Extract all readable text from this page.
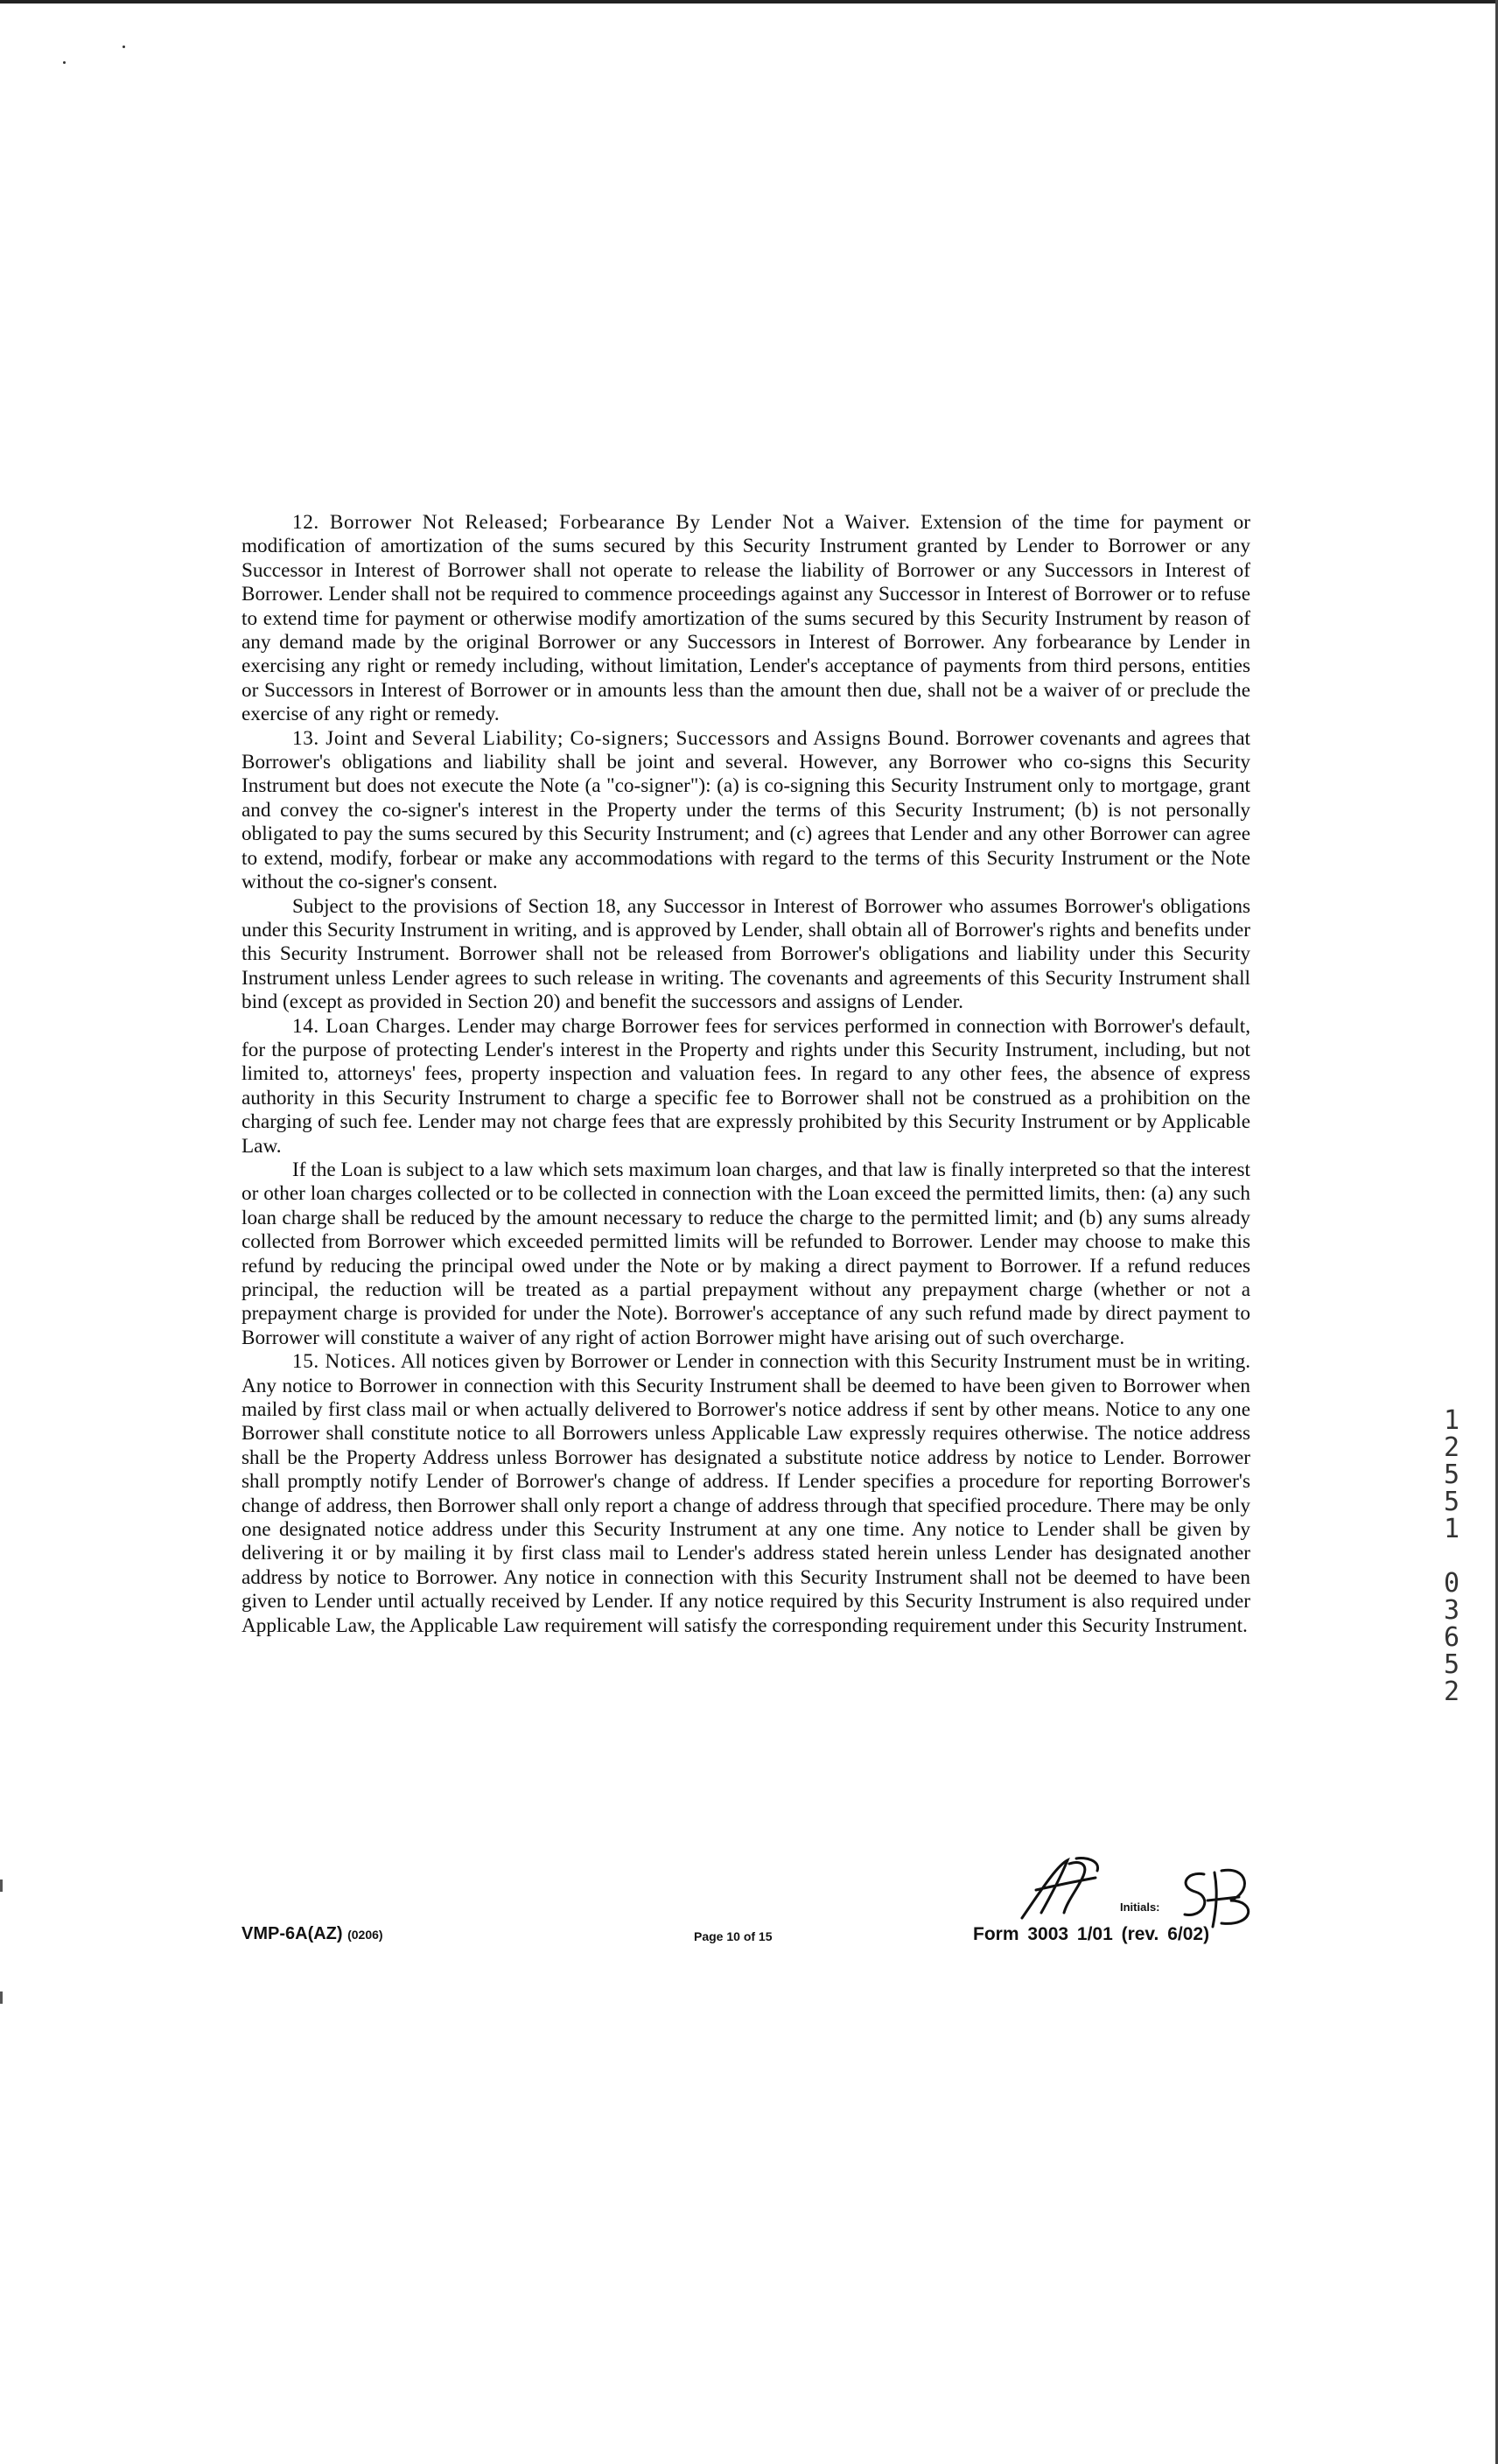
12. Borrower Not Released; Forbearance By Lender Not a Waiver. Extension of the time for payment or modification of amortization of the sums secured by this Security Instrument granted by Lender to Borrower or any Successor in Interest of Borrower shall not operate to release the liability of Borrower or any Successors in Interest of Borrower. Lender shall not be required to commence proceedings against any Successor in Interest of Borrower or to refuse to extend time for payment or otherwise modify amortization of the sums secured by this Security Instrument by reason of any demand made by the original Borrower or any Successors in Interest of Borrower. Any forbearance by Lender in exercising any right or remedy including, without limitation, Lender's acceptance of payments from third persons, entities or Successors in Interest of Borrower or in amounts less than the amount then due, shall not be a waiver of or preclude the exercise of any right or remedy.

13. Joint and Several Liability; Co-signers; Successors and Assigns Bound. Borrower covenants and agrees that Borrower's obligations and liability shall be joint and several. However, any Borrower who co-signs this Security Instrument but does not execute the Note (a "co-signer"): (a) is co-signing this Security Instrument only to mortgage, grant and convey the co-signer's interest in the Property under the terms of this Security Instrument; (b) is not personally obligated to pay the sums secured by this Security Instrument; and (c) agrees that Lender and any other Borrower can agree to extend, modify, forbear or make any accommodations with regard to the terms of this Security Instrument or the Note without the co-signer's consent.

Subject to the provisions of Section 18, any Successor in Interest of Borrower who assumes Borrower's obligations under this Security Instrument in writing, and is approved by Lender, shall obtain all of Borrower's rights and benefits under this Security Instrument. Borrower shall not be released from Borrower's obligations and liability under this Security Instrument unless Lender agrees to such release in writing. The covenants and agreements of this Security Instrument shall bind (except as provided in Section 20) and benefit the successors and assigns of Lender.

14. Loan Charges. Lender may charge Borrower fees for services performed in connection with Borrower's default, for the purpose of protecting Lender's interest in the Property and rights under this Security Instrument, including, but not limited to, attorneys' fees, property inspection and valuation fees. In regard to any other fees, the absence of express authority in this Security Instrument to charge a specific fee to Borrower shall not be construed as a prohibition on the charging of such fee. Lender may not charge fees that are expressly prohibited by this Security Instrument or by Applicable Law.

If the Loan is subject to a law which sets maximum loan charges, and that law is finally interpreted so that the interest or other loan charges collected or to be collected in connection with the Loan exceed the permitted limits, then: (a) any such loan charge shall be reduced by the amount necessary to reduce the charge to the permitted limit; and (b) any sums already collected from Borrower which exceeded permitted limits will be refunded to Borrower. Lender may choose to make this refund by reducing the principal owed under the Note or by making a direct payment to Borrower. If a refund reduces principal, the reduction will be treated as a partial prepayment without any prepayment charge (whether or not a prepayment charge is provided for under the Note). Borrower's acceptance of any such refund made by direct payment to Borrower will constitute a waiver of any right of action Borrower might have arising out of such overcharge.

15. Notices. All notices given by Borrower or Lender in connection with this Security Instrument must be in writing. Any notice to Borrower in connection with this Security Instrument shall be deemed to have been given to Borrower when mailed by first class mail or when actually delivered to Borrower's notice address if sent by other means. Notice to any one Borrower shall constitute notice to all Borrowers unless Applicable Law expressly requires otherwise. The notice address shall be the Property Address unless Borrower has designated a substitute notice address by notice to Lender. Borrower shall promptly notify Lender of Borrower's change of address. If Lender specifies a procedure for reporting Borrower's change of address, then Borrower shall only report a change of address through that specified procedure. There may be only one designated notice address under this Security Instrument at any one time. Any notice to Lender shall be given by delivering it or by mailing it by first class mail to Lender's address stated herein unless Lender has designated another address by notice to Borrower. Any notice in connection with this Security Instrument shall not be deemed to have been given to Lender until actually received by Lender. If any notice required by this Security Instrument is also required under Applicable Law, the Applicable Law requirement will satisfy the corresponding requirement under this Security Instrument.

1
2
5
5
1

0
3
6
5
2
Initials:
VMP-6A(AZ) (0206)	Page 10 of 15	Form 3003 1/01 (rev. 6/02)
